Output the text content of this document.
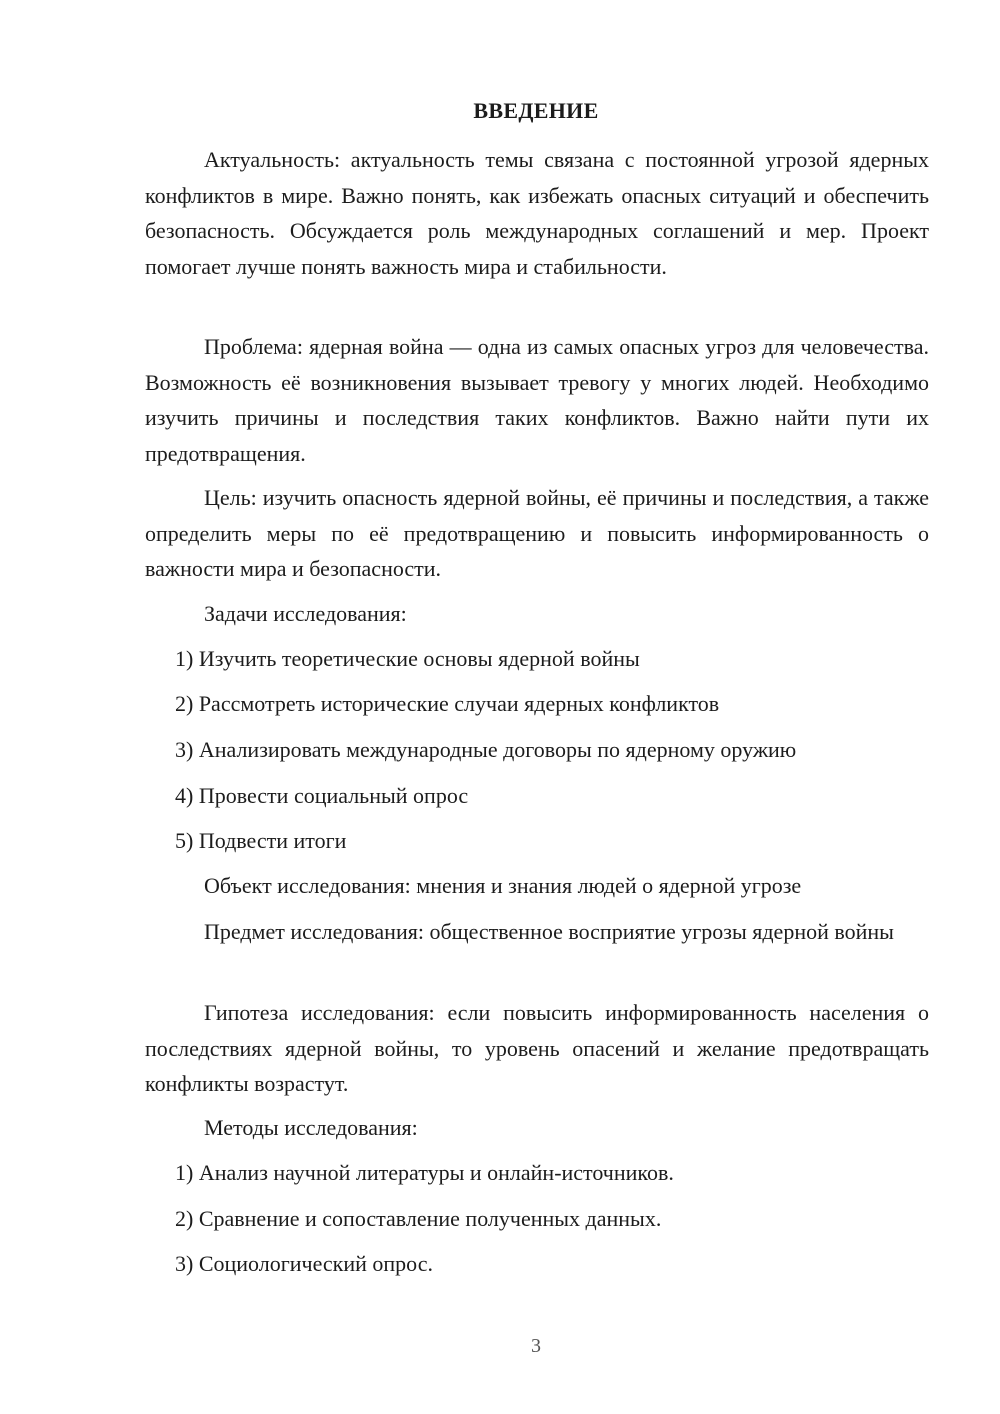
ВВЕДЕНИЕ
Актуальность: актуальность темы связана с постоянной угрозой ядерных конфликтов в мире. Важно понять, как избежать опасных ситуаций и обеспечить безопасность. Обсуждается роль международных соглашений и мер. Проект помогает лучше понять важность мира и стабильности.
Проблема: ядерная война — одна из самых опасных угроз для человечества. Возможность её возникновения вызывает тревогу у многих людей. Необходимо изучить причины и последствия таких конфликтов. Важно найти пути их предотвращения.
Цель: изучить опасность ядерной войны, её причины и последствия, а также определить меры по её предотвращению и повысить информированность о важности мира и безопасности.
Задачи исследования:
1) Изучить теоретические основы ядерной войны
2) Рассмотреть исторические случаи ядерных конфликтов
3) Анализировать международные договоры по ядерному оружию
4) Провести социальный опрос
5) Подвести итоги
Объект исследования: мнения и знания людей о ядерной угрозе
Предмет исследования: общественное восприятие угрозы ядерной войны
Гипотеза исследования: если повысить информированность населения о последствиях ядерной войны, то уровень опасений и желание предотвращать конфликты возрастут.
Методы исследования:
1) Анализ научной литературы и онлайн-источников.
2) Сравнение и сопоставление полученных данных.
3) Социологический опрос.
3
